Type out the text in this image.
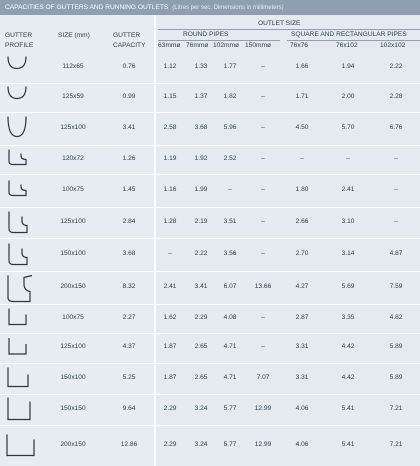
CAPACITIES OF GUTTERS AND RUNNING OUTLETS (Litres per sec. Dimensions in millimeters)
GUTTER
PROFILE
SIZE (mm)	GUTTER
CAPACITY
OUTLET SIZE
ROUND PIPES	SQUARE AND RECTANGULAR PIPES
63mmø 76mmø 102mmø 150mmø	76x76	76x102	102x102
112x65	0.76	1.12	1.33	1.77	–	1.66	1.94	2.22
125x59	0.99	1.15	1.37	1.82	–	1.71	2.00	2.28
125x100	3.41	2.58	3.68	5.96	–	4.50	5.70	6.76
120x72	1.26	1.19	1.92	2.52	–	–	–	–
100x75	1.45	1.16	1.99	–	–	1.80	2.41	–
125x100	2.84	1.28	2.19	3.51	–	2.66	3.10	–
150x100	3.68	–	2.22	3.56	–	2.70	3.14	4.87
200x150	8.32	2.41	3.41	6.07	13.66	4.27	5.69	7.59
100x75	2.27	1.62	2.29	4.08	–	2.87	3.35	4.82
125x100	4.37	1.87	2.65	4.71	–	3.31	4.42	5.89
150x100	5.25	1.87	2.65	4.71	7.07	3.31	4.42	5.89
150x150	9.64	2.29	3.24	5.77	12.99	4.06	5.41	7.21
200x150	12.86	2.29	3.24	5.77	12.99	4.06	5.41	7.21
